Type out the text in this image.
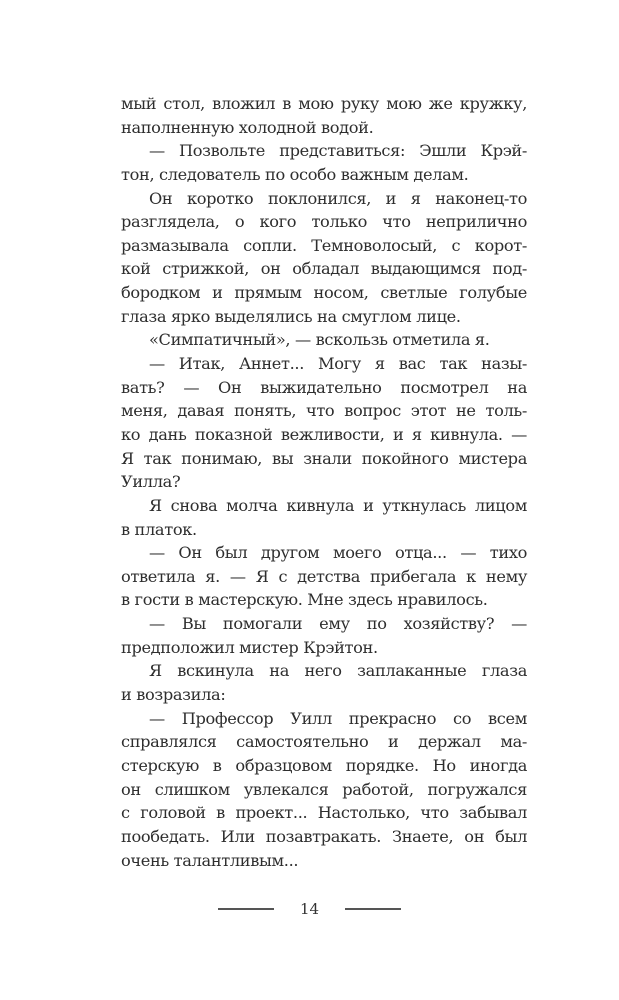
мый стол, вложил в мою руку мою же кружку,
наполненную холодной водой.
— Позвольте представиться: Эшли Крэй-
тон, следователь по особо важным делам.
Он коротко поклонился, и я наконец-то
разглядела, о кого только что неприлично
размазывала сопли. Темноволосый, с корот-
кой стрижкой, он обладал выдающимся под-
бородком и прямым носом, светлые голубые
глаза ярко выделялись на смуглом лице.
«Симпатичный», — вскользь отметила я.
— Итак, Аннет... Могу я вас так назы-
вать? — Он выжидательно посмотрел на
меня, давая понять, что вопрос этот не толь-
ко дань показной вежливости, и я кивнула. —
Я так понимаю, вы знали покойного мистера
Уилла?
Я снова молча кивнула и уткнулась лицом
в платок.
— Он был другом моего отца... — тихо
ответила я. — Я с детства прибегала к нему
в гости в мастерскую. Мне здесь нравилось.
— Вы помогали ему по хозяйству? —
предположил мистер Крэйтон.
Я вскинула на него заплаканные глаза
и возразила:
— Профессор Уилл прекрасно со всем
справлялся самостоятельно и держал ма-
стерскую в образцовом порядке. Но иногда
он слишком увлекался работой, погружался
с головой в проект... Настолько, что забывал
пообедать. Или позавтракать. Знаете, он был
очень талантливым...
14
